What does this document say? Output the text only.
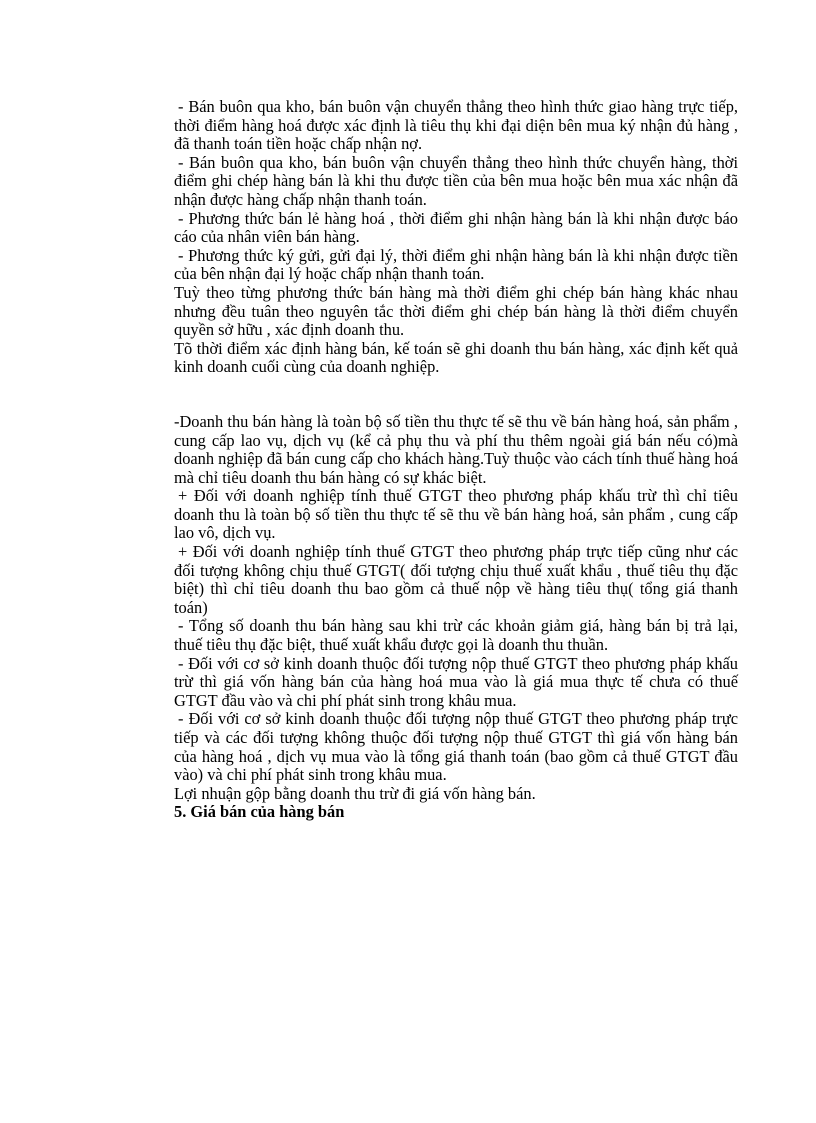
- Bán buôn qua kho, bán buôn vận chuyển thẳng theo hình thức giao hàng trực tiếp, thời điểm hàng hoá được xác định là tiêu thụ khi đại diện bên mua ký nhận đủ hàng , đã thanh toán tiền hoặc chấp nhận nợ.

- Bán buôn qua kho, bán buôn vận chuyển thẳng theo hình thức chuyển hàng, thời điểm ghi chép hàng bán là khi thu được tiền của bên mua hoặc bên mua xác nhận đã nhận được hàng chấp nhận thanh toán.

- Phương thức bán lẻ hàng hoá , thời điểm ghi nhận hàng bán là khi nhận được báo cáo của nhân viên bán hàng.

- Phương thức ký gửi, gửi đại lý, thời điểm ghi nhận hàng bán là khi nhận được tiền của bên nhận đại lý hoặc chấp nhận thanh toán.

Tuỳ theo từng phương thức bán hàng mà thời điểm ghi chép bán hàng khác nhau nhưng đều tuân theo nguyên tắc thời điểm ghi chép bán hàng là thời điểm chuyển quyền sở hữu , xác định doanh thu.

Tõ thời điểm xác định hàng bán, kế toán sẽ ghi doanh thu bán hàng, xác định kết quả kinh doanh cuối cùng của doanh nghiệp.

-Doanh thu bán hàng là toàn bộ số tiền thu thực tế sẽ thu về bán hàng hoá, sản phẩm , cung cấp lao vụ, dịch vụ (kể cả phụ thu và phí thu thêm ngoài giá bán nếu có)mà doanh nghiệp đã bán cung cấp cho khách hàng.Tuỳ thuộc vào cách tính thuế hàng hoá mà chỉ tiêu doanh thu bán hàng có sự khác biệt.

+ Đối với doanh nghiệp tính thuế GTGT theo phương pháp khấu trừ thì chỉ tiêu doanh thu là toàn bộ số tiền thu thực tế sẽ thu về bán hàng hoá, sản phẩm , cung cấp lao vô, dịch vụ.

+ Đối với doanh nghiệp tính thuế GTGT theo phương pháp trực tiếp cũng như các đối tượng không chịu thuế GTGT( đối tượng chịu thuế xuất khẩu , thuế tiêu thụ đặc biệt) thì chỉ tiêu doanh thu bao gồm cả thuế nộp về hàng tiêu thụ( tổng giá thanh toán)

- Tổng số doanh thu bán hàng sau khi trừ các khoản giảm giá, hàng bán bị trả lại, thuế tiêu thụ đặc biệt, thuế xuất khẩu được gọi là doanh thu thuần.

- Đối với cơ sở kinh doanh thuộc đối tượng nộp thuế GTGT theo phương pháp khấu trừ thì giá vốn hàng bán của hàng hoá mua vào là giá mua thực tế chưa có thuế GTGT đầu vào và chi phí phát sinh trong khâu mua.

- Đối với cơ sở kinh doanh thuộc đối tượng nộp thuế GTGT theo phương pháp trực tiếp và các đối tượng không thuộc đối tượng nộp thuế GTGT thì giá vốn hàng bán của hàng hoá , dịch vụ mua vào là tổng giá thanh toán (bao gồm cả thuế GTGT đầu vào) và chi phí phát sinh trong khâu mua.

Lợi nhuận gộp bằng doanh thu trừ đi giá vốn hàng bán.

5. Giá bán của hàng bán
